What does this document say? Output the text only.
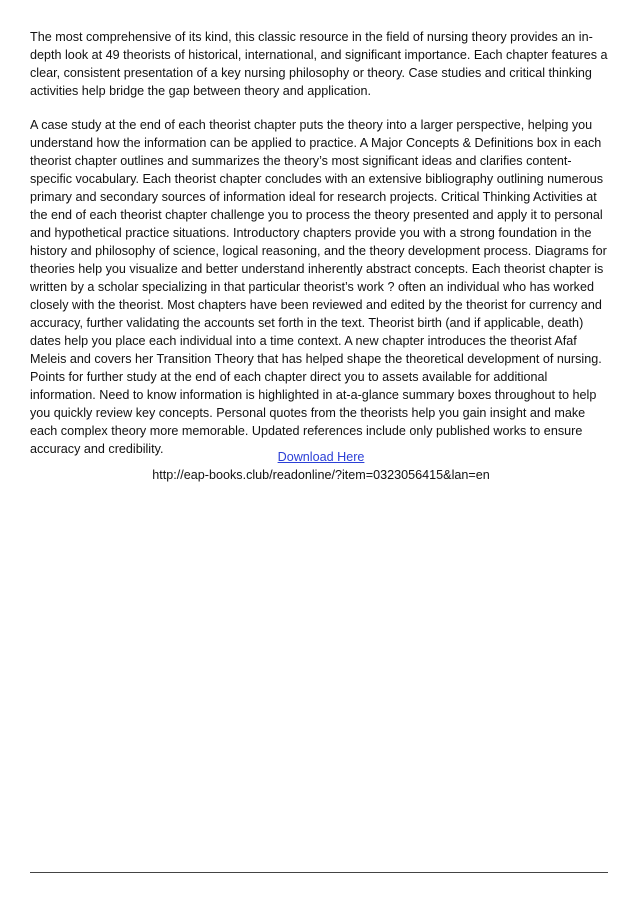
The most comprehensive of its kind, this classic resource in the field of nursing theory provides an in-depth look at 49 theorists of historical, international, and significant importance. Each chapter features a clear, consistent presentation of a key nursing philosophy or theory. Case studies and critical thinking activities help bridge the gap between theory and application.

A case study at the end of each theorist chapter puts the theory into a larger perspective, helping you understand how the information can be applied to practice. A Major Concepts & Definitions box in each theorist chapter outlines and summarizes the theory’s most significant ideas and clarifies content-specific vocabulary. Each theorist chapter concludes with an extensive bibliography outlining numerous primary and secondary sources of information ideal for research projects. Critical Thinking Activities at the end of each theorist chapter challenge you to process the theory presented and apply it to personal and hypothetical practice situations. Introductory chapters provide you with a strong foundation in the history and philosophy of science, logical reasoning, and the theory development process. Diagrams for theories help you visualize and better understand inherently abstract concepts. Each theorist chapter is written by a scholar specializing in that particular theorist’s work ? often an individual who has worked closely with the theorist. Most chapters have been reviewed and edited by the theorist for currency and accuracy, further validating the accounts set forth in the text. Theorist birth (and if applicable, death) dates help you place each individual into a time context. A new chapter introduces the theorist Afaf Meleis and covers her Transition Theory that has helped shape the theoretical development of nursing. Points for further study at the end of each chapter direct you to assets available for additional information. Need to know information is highlighted in at-a-glance summary boxes throughout to help you quickly review key concepts. Personal quotes from the theorists help you gain insight and make each complex theory more memorable. Updated references include only published works to ensure accuracy and credibility.

Download Here
http://eap-books.club/readonline/?item=0323056415&lan=en
